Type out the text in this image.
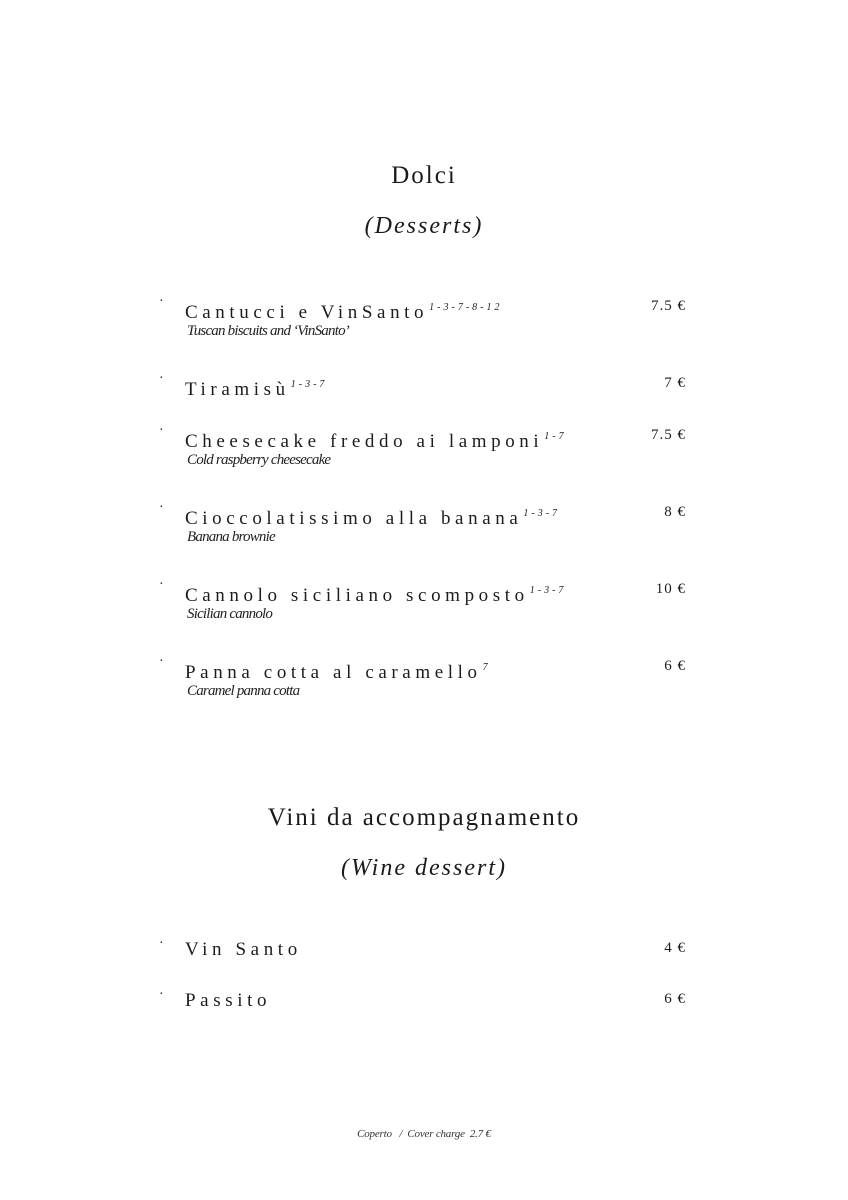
Dolci
(Desserts)
·
Cantucci e VinSanto$^{1-3-7-8-12}$
Tuscan biscuits and ‘VinSanto’
7.5 €
·
Tiramisù$^{1-3-7}$	7 €
·
Cheesecake freddo ai lamponi$^{1-7}$
Cold raspberry cheesecake
7.5 €
·
Cioccolatissimo alla banana$^{1-3-7}$
Banana brownie
8 €
·
Cannolo siciliano scomposto$^{1-3-7}$
Sicilian cannolo
10 €
·
Panna cotta al caramello$^7$
Caramel panna cotta
6 €
Vini da accompagnamento
(Wine dessert)
· Vin Santo	4 €
· Passito	6 €
Coperto   /  Cover charge  2.7 €
